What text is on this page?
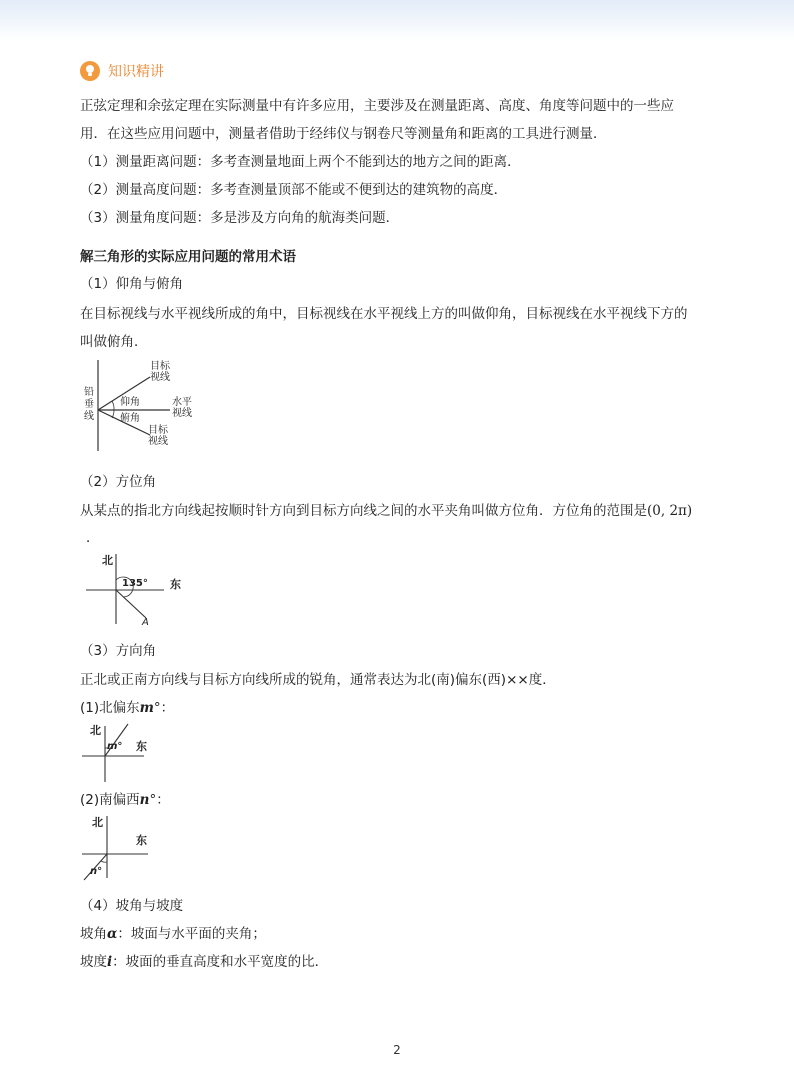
知识精讲
正弦定理和余弦定理在实际测量中有许多应用，主要涉及在测量距离、高度、角度等问题中的一些应
用．在这些应用问题中，测量者借助于经纬仪与钢卷尺等测量角和距离的工具进行测量．
（1）测量距离问题：多考查测量地面上两个不能到达的地方之间的距离．
（2）测量高度问题：多考查测量顶部不能或不便到达的建筑物的高度．
（3）测量角度问题：多是涉及方向角的航海类问题．
解三角形的实际应用问题的常用术语
（1）仰角与俯角
在目标视线与水平视线所成的角中，目标视线在水平视线上方的叫做仰角，目标视线在水平视线下方的
叫做俯角．
铅
垂
线
目标
视线
水平
视线
目标
视线
仰角
俯角
（2）方位角
从某点的指北方向线起按顺时针方向到目标方向线之间的水平夹角叫做方位角．方位角的范围是(0, 2π)
．
北
东
135°
A
（3）方向角
正北或正南方向线与目标方向线所成的锐角，通常表达为北(南)偏东(西)××度．
(1)北偏东m°：
北
东
m°
(2)南偏西n°：
北
东
n°
（4）坡角与坡度
坡角α：坡面与水平面的夹角；
坡度i：坡面的垂直高度和水平宽度的比．
2
